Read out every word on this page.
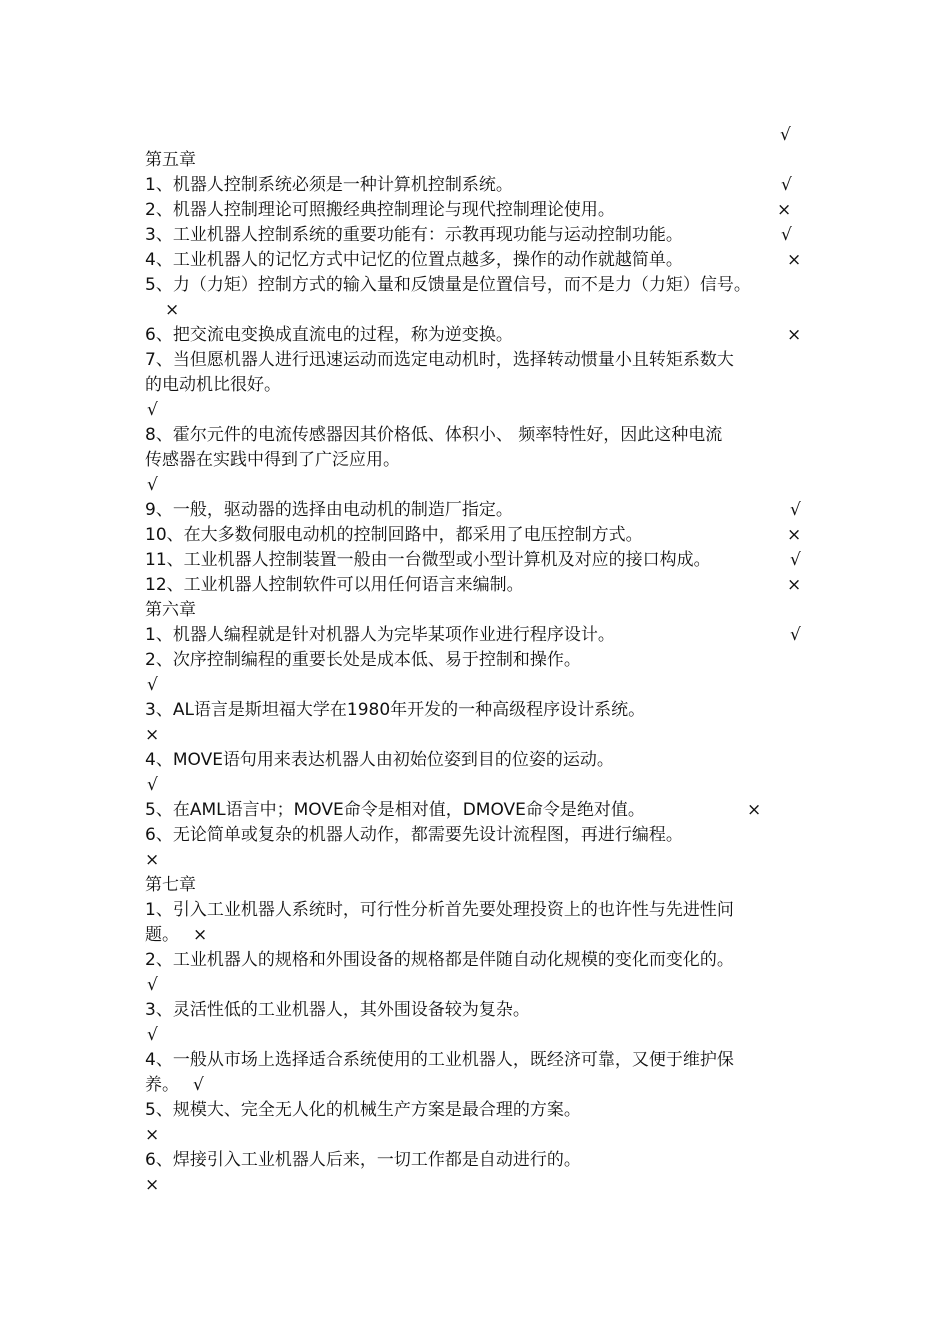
√
第五章
1、机器人控制系统必须是一种计算机控制系统。	√
2、机器人控制理论可照搬经典控制理论与现代控制理论使用。	×
3、工业机器人控制系统的重要功能有：示教再现功能与运动控制功能。	√
4、工业机器人的记忆方式中记忆的位置点越多，操作的动作就越简单。	×
5、力（力矩）控制方式的输入量和反馈量是位置信号，而不是力（力矩）信号。
×
6、把交流电变换成直流电的过程，称为逆变换。	×
7、当但愿机器人进行迅速运动而选定电动机时，选择转动惯量小且转矩系数大
的电动机比很好。
√
8、霍尔元件的电流传感器因其价格低、体积小、 频率特性好，因此这种电流
传感器在实践中得到了广泛应用。
√
9、一般，驱动器的选择由电动机的制造厂指定。	√
10、在大多数伺服电动机的控制回路中，都采用了电压控制方式。	×
11、工业机器人控制装置一般由一台微型或小型计算机及对应的接口构成。	√
12、工业机器人控制软件可以用任何语言来编制。	×
第六章
1、机器人编程就是针对机器人为完毕某项作业进行程序设计。	√
2、次序控制编程的重要长处是成本低、易于控制和操作。
√
3、AL语言是斯坦福大学在1980年开发的一种高级程序设计系统。
×
4、MOVE语句用来表达机器人由初始位姿到目的位姿的运动。
√
5、在AML语言中；MOVE命令是相对值，DMOVE命令是绝对值。	×
6、无论简单或复杂的机器人动作，都需要先设计流程图，再进行编程。
×
第七章
1、引入工业机器人系统时，可行性分析首先要处理投资上的也许性与先进性问
题。 ×
2、工业机器人的规格和外围设备的规格都是伴随自动化规模的变化而变化的。
√
3、灵活性低的工业机器人，其外围设备较为复杂。
√
4、一般从市场上选择适合系统使用的工业机器人，既经济可靠，又便于维护保
养。 √
5、规模大、完全无人化的机械生产方案是最合理的方案。
×
6、焊接引入工业机器人后来，一切工作都是自动进行的。
×
